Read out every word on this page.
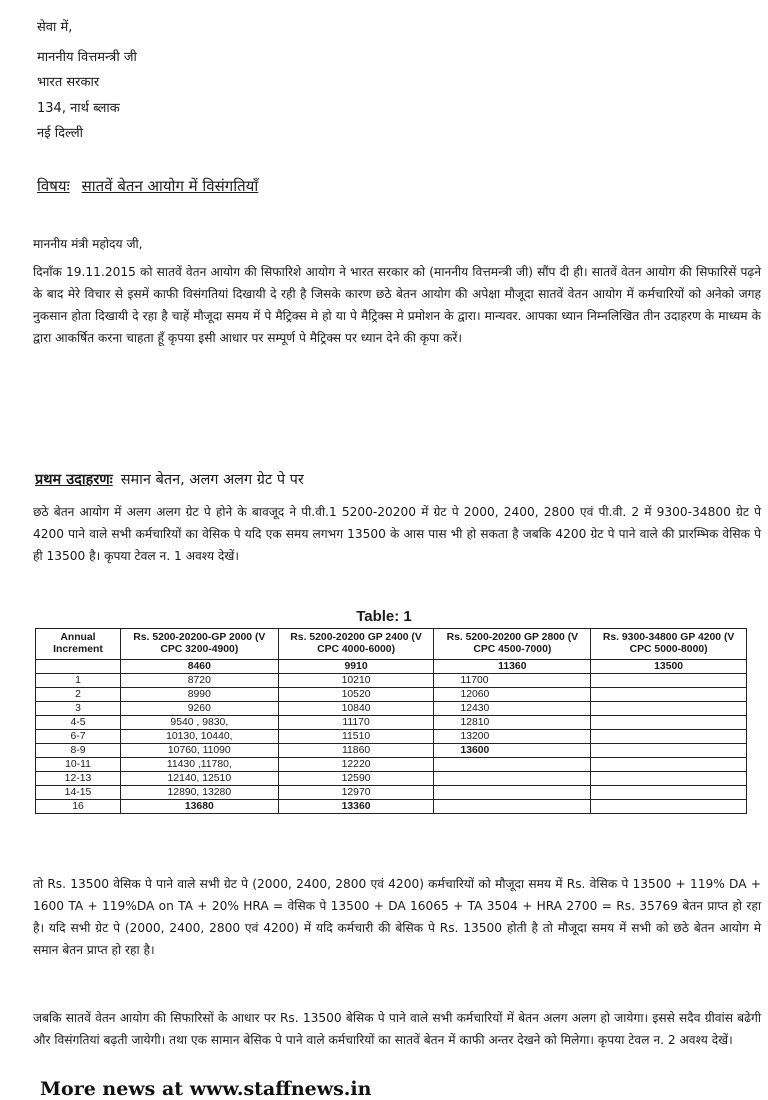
सेवा में,
माननीय वित्तमन्त्री जी
भारत सरकार
134, नार्थ ब्लाक
नई दिल्ली
विषयः सातवें बेतन आयोग में विसंगतियाँ
माननीय मंत्री महोदय जी,
दिनाँक 19.11.2015 को सातवें वेतन आयोग की सिफारिशे आयोग ने भारत सरकार को (माननीय वित्तमन्त्री जी) सौंप दी ही। सातवें वेतन आयोग की सिफारिसें पढ़ने के बाद मेरे विचार से इसमें काफी विसंगतियां दिखायी दे रही है जिसके कारण छठे बेतन आयोग की अपेक्षा मौजूदा सातवें वेतन आयोग में कर्मचारियों को अनेको जगह नुकसान होता दिखायी दे रहा है चाहें मौजूदा समय में पे मैट्रिक्स मे हो या पे मैट्रिक्स मे प्रमोशन के द्वारा। मान्यवर. आपका ध्यान निम्नलिखित तीन उदाहरण के माध्यम के द्वारा आकर्षित करना चाहता हूँ कृपया इसी आधार पर सम्पूर्ण पे मैट्रिक्स पर ध्यान देने की कृपा करें।
प्रथम उदाहरणः समान बेतन, अलग अलग ग्रेट पे पर
छठे बेतन आयोग में अलग अलग ग्रेट पे होने के बावजूद ने पी.वी.1 5200-20200 में ग्रेट पे 2000, 2400, 2800 एवं पी.वी. 2 में 9300-34800 ग्रेट पे 4200 पाने वाले सभी कर्मचारियों का वेसिक पे यदि एक समय लगभग 13500 के आस पास भी हो सकता है जबकि 4200 ग्रेट पे पाने वाले की प्रारम्भिक वेसिक पे ही 13500 है। कृपया टेवल न. 1 अवश्य देखें।
Table: 1
Annual Increment	Rs. 5200-20200-GP 2000 (V CPC 3200-4900)	Rs. 5200-20200 GP 2400 (V CPC 4000-6000)	Rs. 5200-20200 GP 2800 (V CPC 4500-7000)	Rs. 9300-34800 GP 4200 (V CPC 5000-8000)
	8460	9910	11360	13500
1	8720	10210	11700	
2	8990	10520	12060	
3	9260	10840	12430	
4-5	9540 , 9830,	11170	12810	
6-7	10130, 10440,	11510	13200	
8-9	10760, 11090	11860	13600	
10-11	11430 ,11780,	12220		
12-13	12140, 12510	12590		
14-15	12890, 13280	12970		
16	13680	13360		
तो Rs. 13500 वेसिक पे पाने वाले सभी ग्रेट पे (2000, 2400, 2800 एवं 4200) कर्मचारियों को मौजूदा समय में Rs. वेसिक पे 13500 + 119% DA + 1600 TA + 119%DA on TA + 20% HRA = वेसिक पे 13500 + DA 16065 + TA 3504 + HRA 2700 = Rs. 35769 बेतन प्राप्त हो रहा है। यदि सभी ग्रेट पे (2000, 2400, 2800 एवं 4200) में यदि कर्मचारी की बेसिक पे Rs. 13500 होती है तो मौजूदा समय में सभी को छठे बेतन आयोग मे समान बेतन प्राप्त हो रहा है।
जबकि सातवें वेतन आयोग की सिफारिसों के आधार पर Rs. 13500 बेसिक पे पाने वाले सभी कर्मचारियों में बेतन अलग अलग हो जायेगा। इससे सदैव ग्रीवांस बढेगी और विसंगतियां बढ़ती जायेगी। तथा एक सामान बेसिक पे पाने वाले कर्मचारियों का सातवें बेतन में काफी अन्तर देखने को मिलेगा। कृपया टेवल न. 2 अवश्य देखें।
More news at www.staffnews.in
